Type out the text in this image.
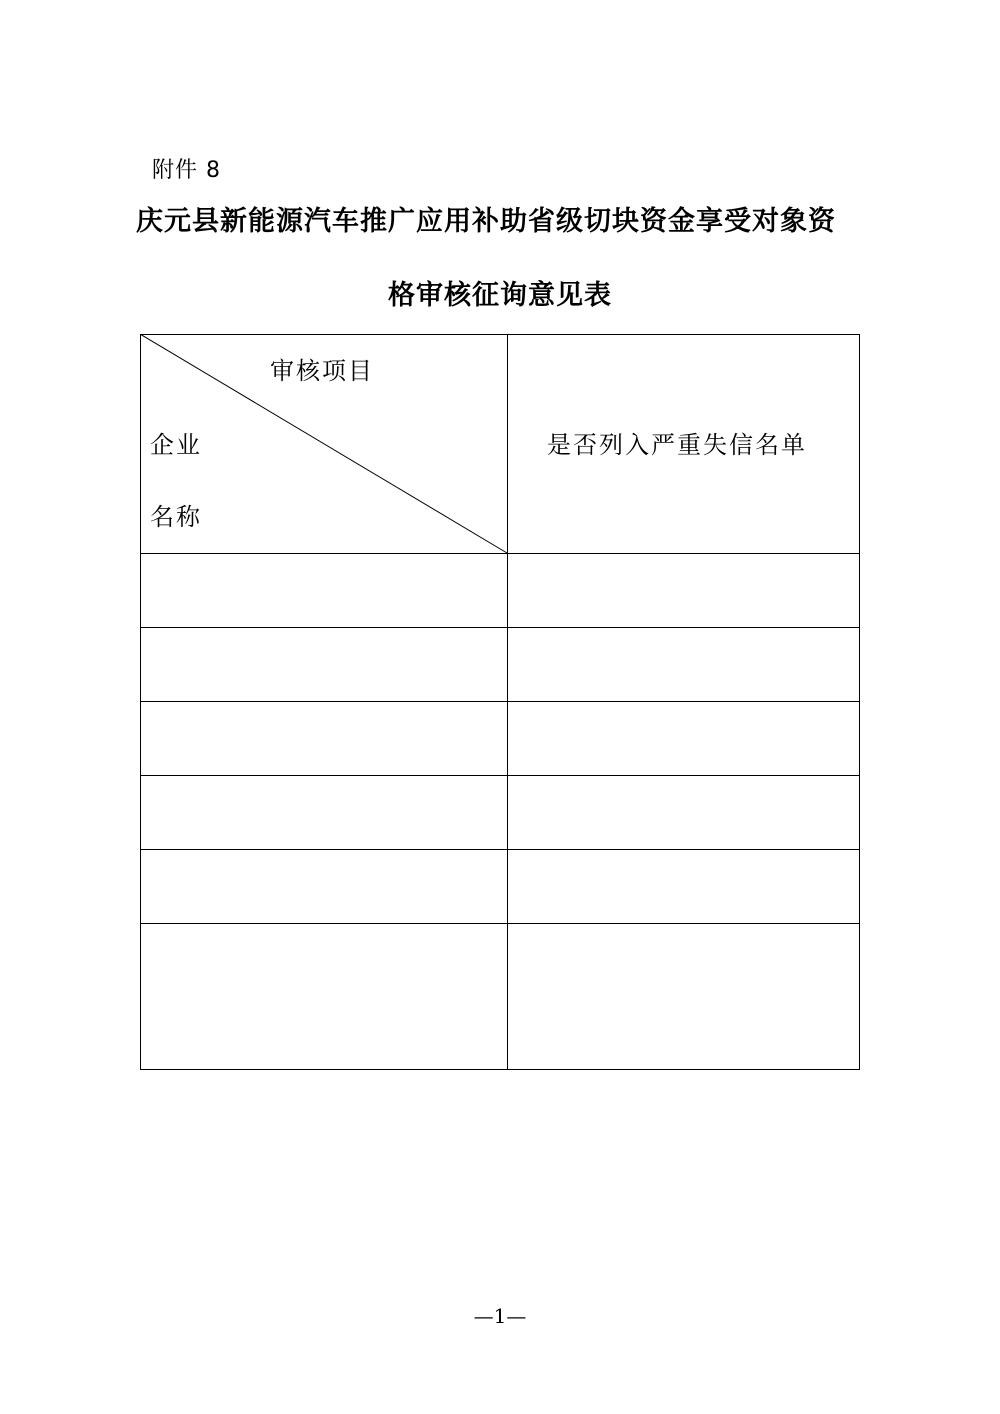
附件 8
庆元县新能源汽车推广应用补助省级切块资金享受对象资
格审核征询意见表
审核项目
企业
名称
是否列入严重失信名单
—1—
